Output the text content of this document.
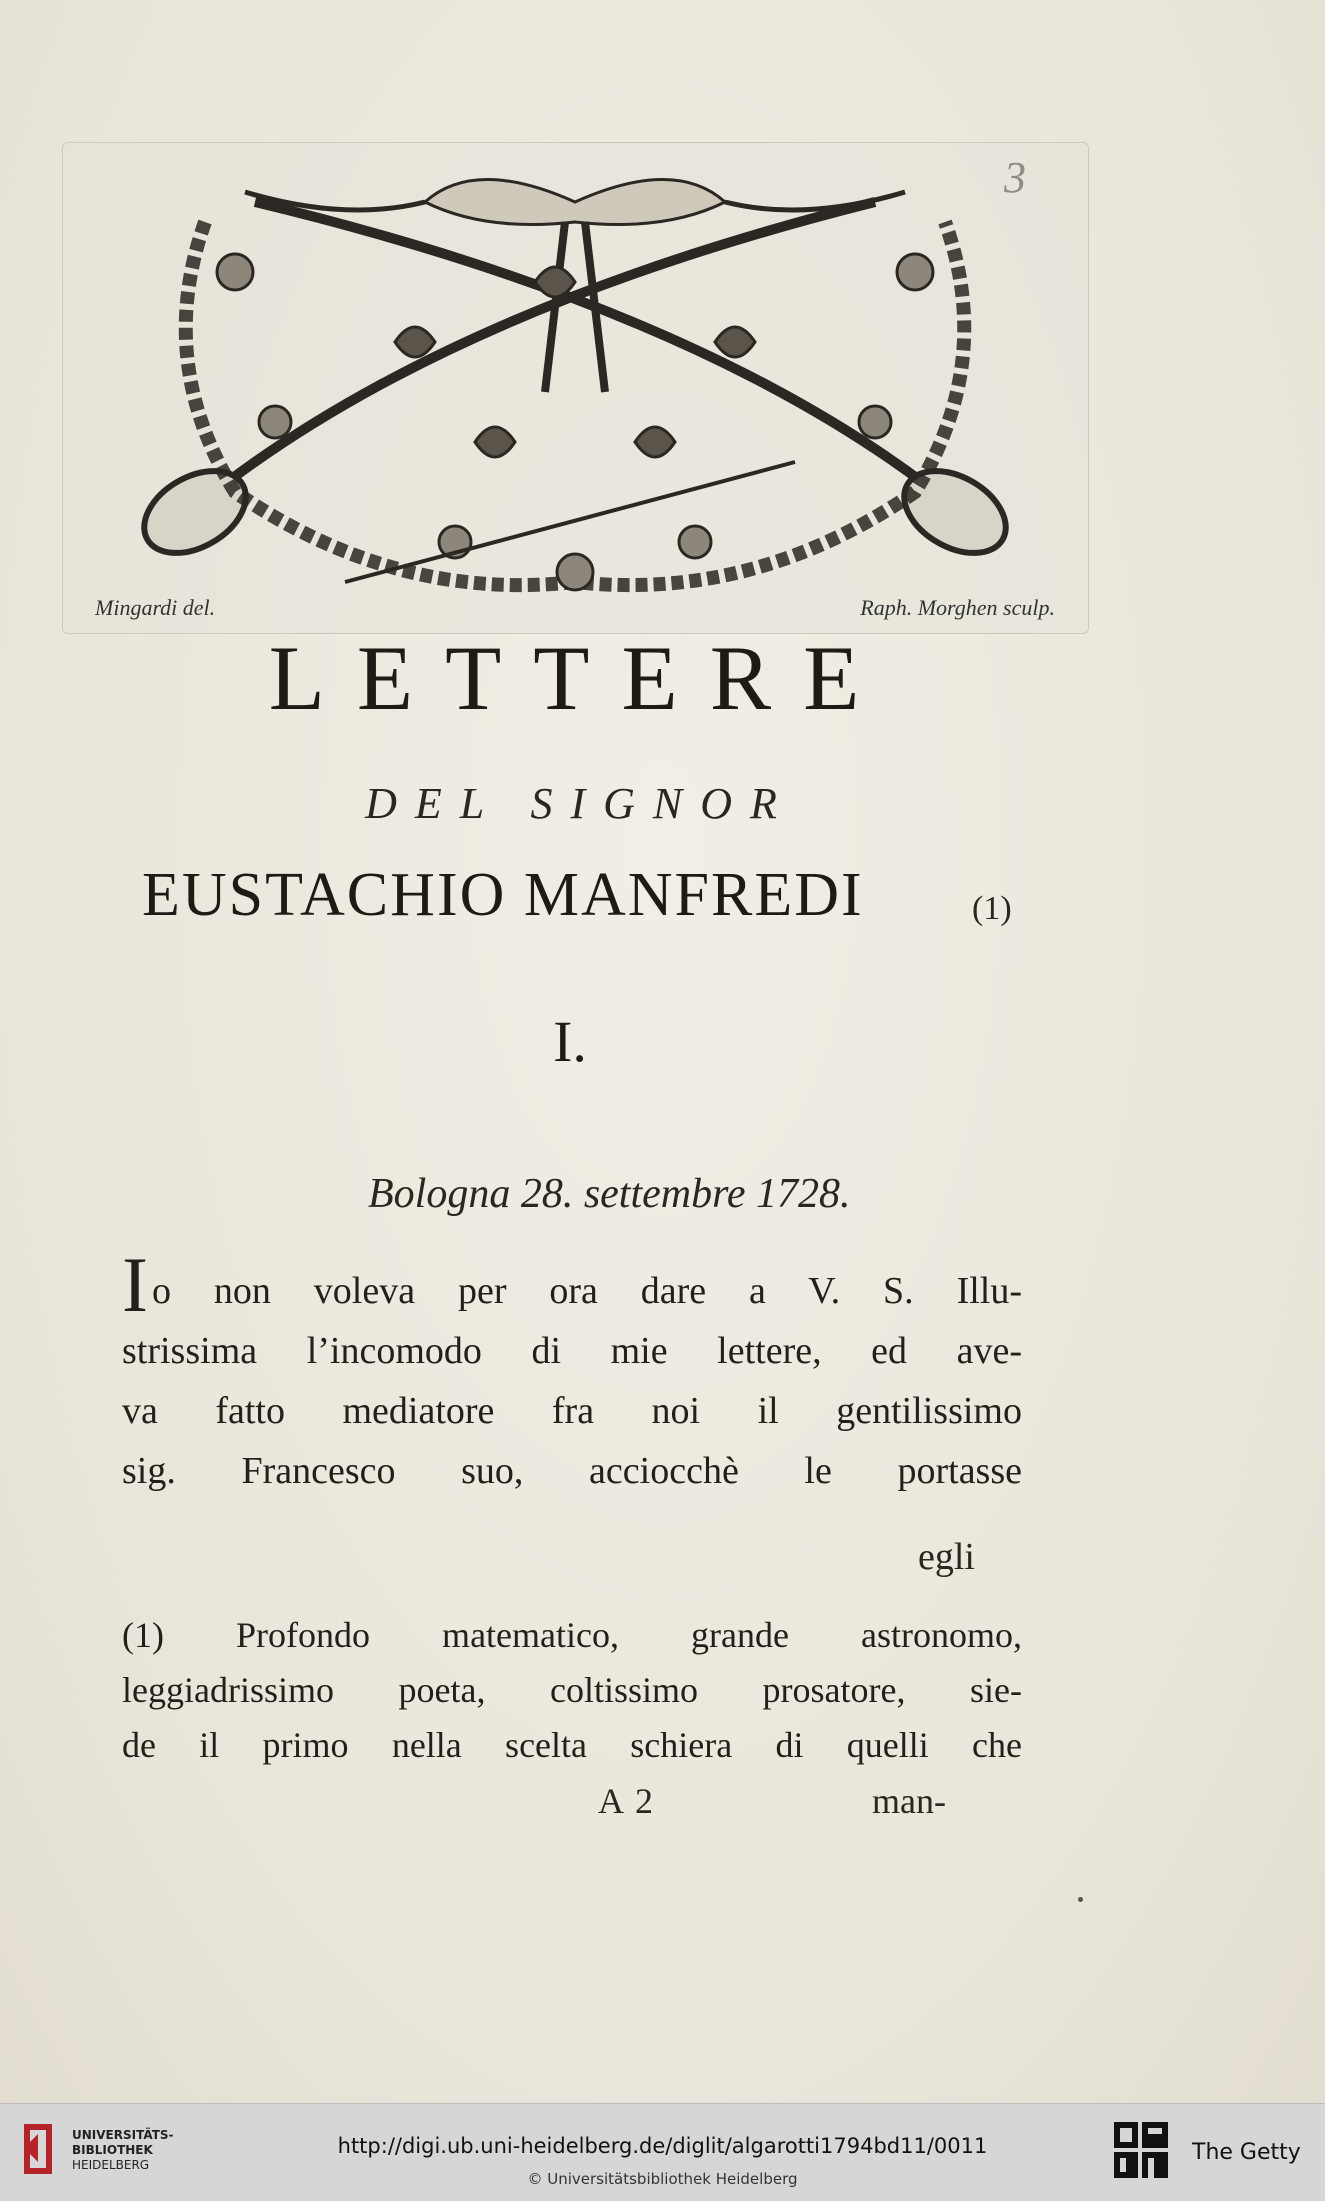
Mingardi del.	Raph. Morghen sculp.
LETTERE
DEL SIGNOR
EUSTACHIO MANFREDI	(1)
I.
Bologna 28. settembre 1728.
Io non voleva per ora dare a V. S. Illu-
strissima l’incomodo di mie lettere, ed ave-
va fatto mediatore fra noi il gentilissimo
sig. Francesco suo, acciocchè le portasse
egli
(1) Profondo matematico, grande astronomo,
leggiadrissimo poeta, coltissimo prosatore, sie-
de il primo nella scelta schiera di quelli che
A 2	man-
UNIVERSITÄTS-
BIBLIOTHEK
HEIDELBERG
http://digi.ub.uni-heidelberg.de/diglit/algarotti1794bd11/0011
© Universitätsbibliothek Heidelberg
The Getty
